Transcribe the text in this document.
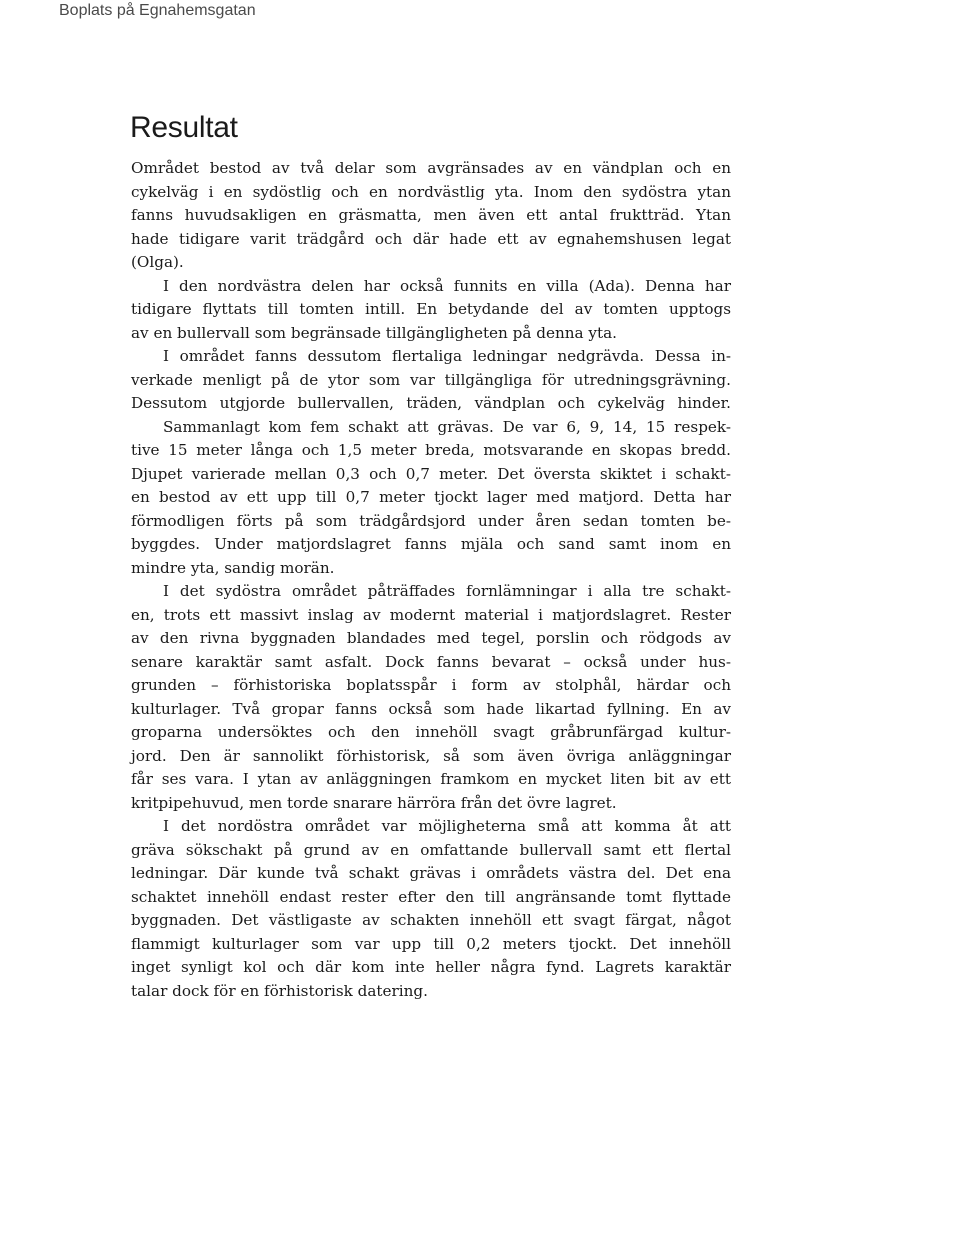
Boplats på Egnahemsgatan
Resultat
Området bestod av två delar som avgränsades av en vändplan och en
cykelväg i en sydöstlig och en nordvästlig yta. Inom den sydöstra ytan
fanns huvudsakligen en gräsmatta, men även ett antal fruktträd. Ytan
hade tidigare varit trädgård och där hade ett av egnahemshusen legat
(Olga).
I den nordvästra delen har också funnits en villa (Ada). Denna har
tidigare flyttats till tomten intill. En betydande del av tomten upptogs
av en bullervall som begränsade tillgängligheten på denna yta.
I området fanns dessutom flertaliga ledningar nedgrävda. Dessa in-
verkade menligt på de ytor som var tillgängliga för utredningsgrävning.
Dessutom utgjorde bullervallen, träden, vändplan och cykelväg hinder.
Sammanlagt kom fem schakt att grävas. De var 6, 9, 14, 15 respek-
tive 15 meter långa och 1,5 meter breda, motsvarande en skopas bredd.
Djupet varierade mellan 0,3 och 0,7 meter. Det översta skiktet i schakt-
en bestod av ett upp till 0,7 meter tjockt lager med matjord. Detta har
förmodligen förts på som trädgårdsjord under åren sedan tomten be-
byggdes. Under matjordslagret fanns mjäla och sand samt inom en
mindre yta, sandig morän.
I det sydöstra området påträffades fornlämningar i alla tre schakt-
en, trots ett massivt inslag av modernt material i matjordslagret. Rester
av den rivna byggnaden blandades med tegel, porslin och rödgods av
senare karaktär samt asfalt. Dock fanns bevarat – också under hus-
grunden – förhistoriska boplatsspår i form av stolphål, härdar och
kulturlager. Två gropar fanns också som hade likartad fyllning. En av
groparna undersöktes och den innehöll svagt gråbrunfärgad kultur-
jord. Den är sannolikt förhistorisk, så som även övriga anläggningar
får ses vara. I ytan av anläggningen framkom en mycket liten bit av ett
kritpipehuvud, men torde snarare härröra från det övre lagret.
I det nordöstra området var möjligheterna små att komma åt att
gräva sökschakt på grund av en omfattande bullervall samt ett flertal
ledningar. Där kunde två schakt grävas i områdets västra del. Det ena
schaktet innehöll endast rester efter den till angränsande tomt flyttade
byggnaden. Det västligaste av schakten innehöll ett svagt färgat, något
flammigt kulturlager som var upp till 0,2 meters tjockt. Det innehöll
inget synligt kol och där kom inte heller några fynd. Lagrets karaktär
talar dock för en förhistorisk datering.
